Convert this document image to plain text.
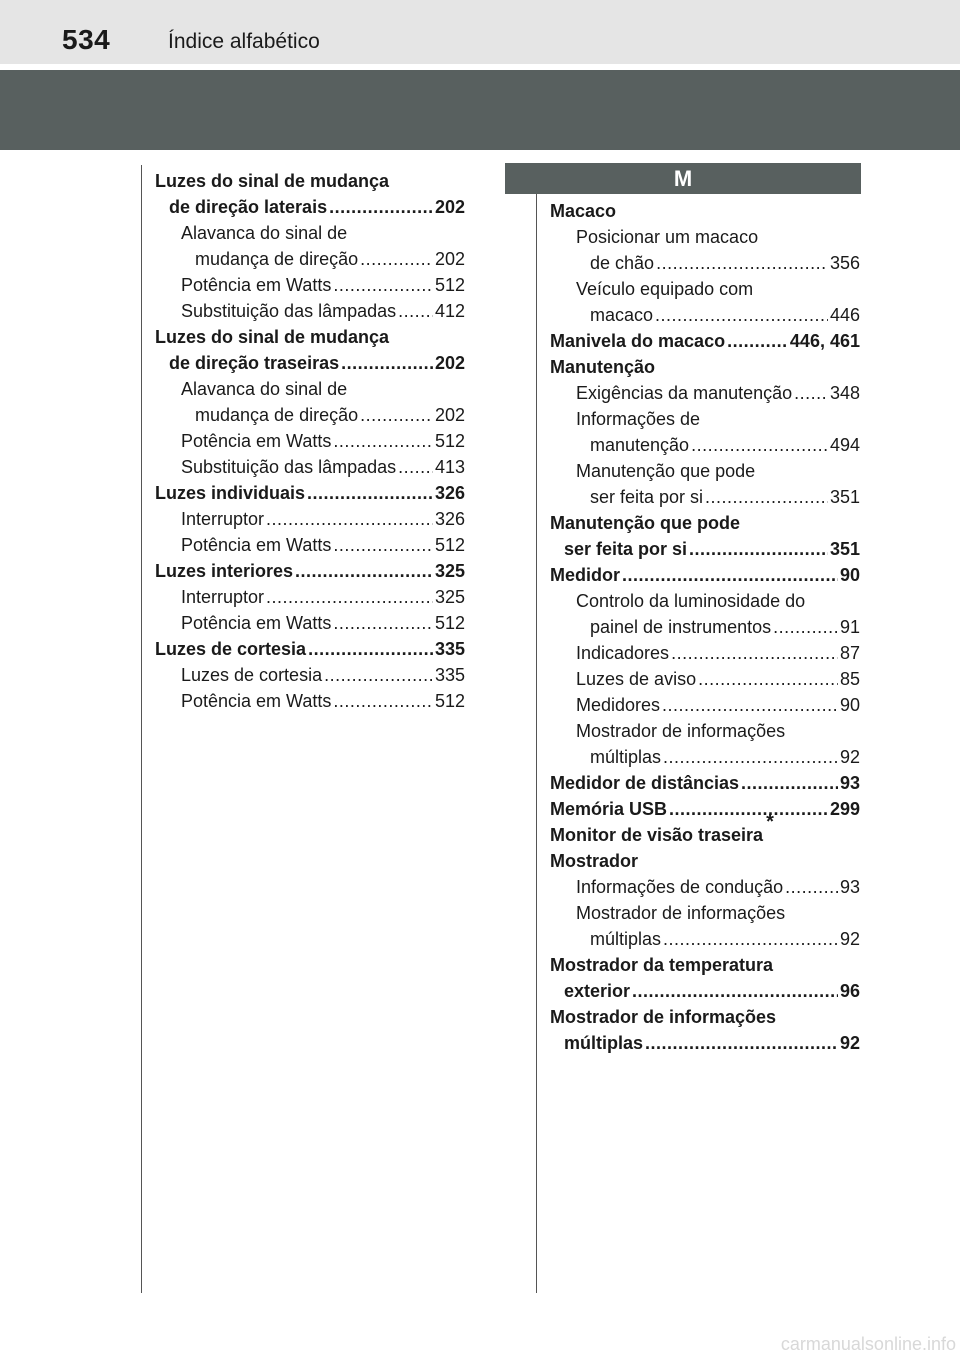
534	Índice alfabético
Luzes do sinal de mudança
de direção laterais .....	202
Alavanca do sinal de
mudança de direção .....	202
Potência em Watts .....	512
Substituição das lâmpadas ..... 412
Luzes do sinal de mudança
de direção traseiras .....	202
Alavanca do sinal de
mudança de direção .....	202
Potência em Watts .....	512
Substituição das lâmpadas ..... 413
Luzes individuais .....	326
Interruptor .....	326
Potência em Watts .....	512
Luzes interiores .....	325
Interruptor .....	325
Potência em Watts .....	512
Luzes de cortesia .....	335
Luzes de cortesia .....	335
Potência em Watts .....	512
M
Macaco
Posicionar um macaco
de chão .....	356
Veículo equipado com
macaco .....	446
Manivela do macaco .....	446, 461
Manutenção
Exigências da manutenção ..... 348
Informações de
manutenção .....	494
Manutenção que pode
ser feita por si .....	351
Manutenção que pode
ser feita por si .....	351
Medidor .....	90
Controlo da luminosidade do
painel de instrumentos .....	91
Indicadores .....	87
Luzes de aviso .....	85
Medidores .....	90
Mostrador de informações
múltiplas .....	92
Medidor de distâncias .....	93
Memória USB .....	299
Monitor de visão traseira
*
Mostrador
Informações de condução .....	93
Mostrador de informações
múltiplas .....	92
Mostrador da temperatura
exterior .....	96
Mostrador de informações
múltiplas .....	92
carmanualsonline.info
